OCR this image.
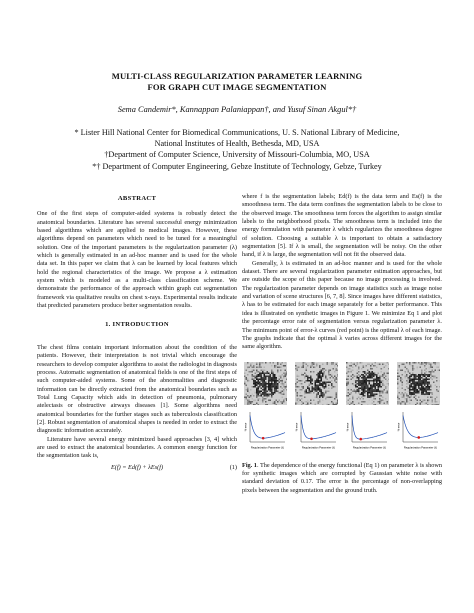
MULTI-CLASS REGULARIZATION PARAMETER LEARNING
FOR GRAPH CUT IMAGE SEGMENTATION
Sema Candemir*, Kannappan Palaniappan†, and Yusuf Sinan Akgul*†
* Lister Hill National Center for Biomedical Communications, U. S. National Library of Medicine,
National Institutes of Health, Bethesda, MD, USA
†Department of Computer Science, University of Missouri-Columbia, MO, USA
*† Department of Computer Engineering, Gebze Institute of Technology, Gebze, Turkey
ABSTRACT

One of the first steps of computer-aided systems is robustly detect the anatomical boundaries. Literature has several successful energy minimization based algorithms which are applied to medical images. However, these algorithms depend on parameters which need to be tuned for a meaningful solution. One of the important parameters is the regularization parameter (λ) which is generally estimated in an ad-hoc manner and is used for the whole data set. In this paper we claim that λ can be learned by local features which hold the regional characteristics of the image. We propose a λ estimation system which is modeled as a multi-class classification scheme. We demonstrate the performance of the approach within graph cut segmentation framework via qualitative results on chest x-rays. Experimental results indicate that predicted parameters produce better segmentation results.

1. INTRODUCTION

The chest films contain important information about the condition of the patients. However, their interpretation is not trivial which encourage the researchers to develop computer algorithms to assist the radiologist in diagnosis process. Automatic segmentation of anatomical fields is one of the first steps of such computer-aided systems. Some of the abnormalities and diagnostic information can be directly extracted from the anatomical boundaries such as Total Lung Capacity which aids in detection of pneumonia, pulmonary atelectasis or obstructive airways diseases [1]. Some algorithms need anatomical boundaries for the further stages such as tuberculosis classification [2]. Robust segmentation of anatomical shapes is needed in order to extract the diagnostic information accurately.

Literature have several energy minimized based approaches [3, 4] which are used to extract the anatomical boundaries. A common energy function for the segmentation task is,

E(f) = Ed(f) + λEs(f)	(1)

where f is the segmentation labels; Ed(f) is the data term and Es(f) is the smoothness term. The data term confines the segmentation labels to be close to the observed image. The smoothness term forces the algorithm to assign similar labels to the neighborhood pixels. The smoothness term is included into the energy formulation with parameter λ which regularizes the smoothness degree of solution. Choosing a suitable λ is important to obtain a satisfactory segmentation [5]. If λ is small, the segmentation will be noisy. On the other hand, if λ is large, the segmentation will not fit the observed data.

Generally, λ is estimated in an ad-hoc manner and is used for the whole dataset. There are several regularization parameter estimation approaches, but are outside the scope of this paper because no image processing is involved. The regularization parameter depends on image statistics such as image noise and variation of scene structures [6, 7, 8]. Since images have different statistics, λ has to be estimated for each image separately for a better performance. This idea is illustrated on synthetic images in Figure 1. We minimize Eq 1 and plot the percentage error rate of segmentation versus regularization parameter λ. The minimum point of error-λ curves (red point) is the optimal λ of each image. The graphs indicate that the optimal λ varies across different images for the same algorithm.

Regularization Parameter (λ)
% error
Regularization Parameter (λ)
% error
Regularization Parameter (λ)
% error
Regularization Parameter (λ)
% error

Fig. 1. The dependence of the energy functional (Eq 1) on parameter λ is shown for synthetic images which are corrupted by Gaussian white noise with standard deviation of 0.17. The error is the percentage of non-overlapping pixels between the segmentation and the ground truth.
